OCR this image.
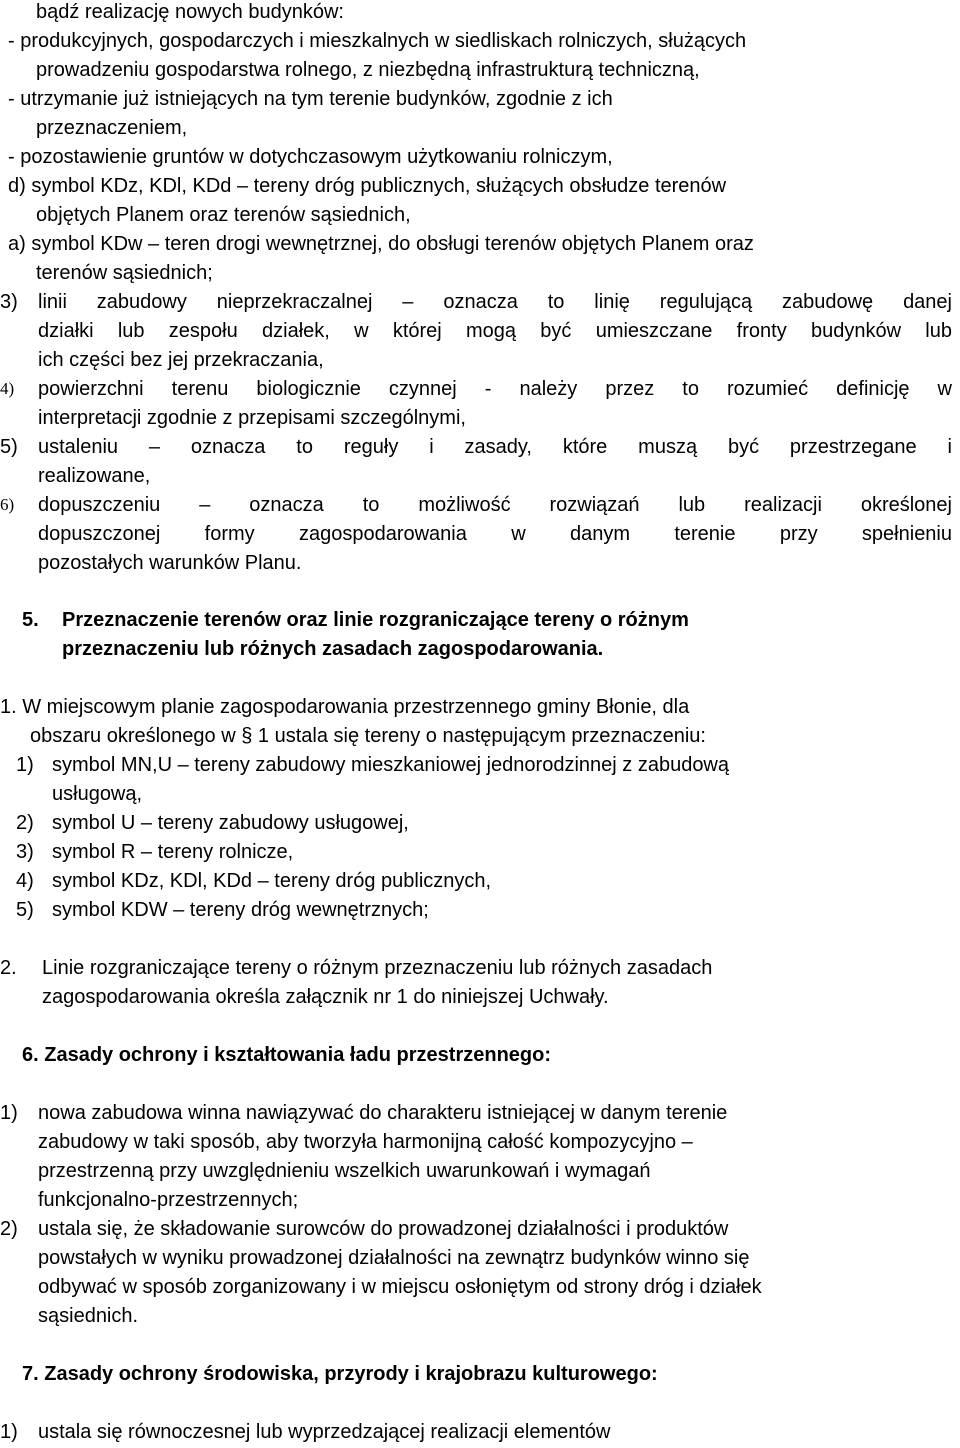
bądź realizację nowych budynków:
- produkcyjnych, gospodarczych i mieszkalnych w siedliskach rolniczych, służących
prowadzeniu gospodarstwa rolnego, z niezbędną infrastrukturą techniczną,
- utrzymanie już istniejących na tym terenie budynków, zgodnie z ich
przeznaczeniem,
- pozostawienie gruntów w dotychczasowym użytkowaniu rolniczym,
d) symbol KDz, KDl, KDd – tereny dróg publicznych, służących obsłudze terenów
objętych Planem oraz terenów sąsiednich,
a) symbol KDw – teren drogi wewnętrznej, do obsługi terenów objętych Planem oraz
terenów sąsiednich;
3) linii zabudowy nieprzekraczalnej – oznacza to linię regulującą zabudowę danej
działki lub zespołu działek, w której mogą być umieszczane fronty budynków lub
ich części bez jej przekraczania,
4) powierzchni terenu biologicznie czynnej - należy przez to rozumieć definicję w
interpretacji zgodnie z przepisami szczególnymi,
5) ustaleniu – oznacza to reguły i zasady, które muszą być przestrzegane i
realizowane,
6) dopuszczeniu – oznacza to możliwość rozwiązań lub realizacji określonej
dopuszczonej formy zagospodarowania w danym terenie przy spełnieniu
pozostałych warunków Planu.
5. Przeznaczenie terenów oraz linie rozgraniczające tereny o różnym
przeznaczeniu lub różnych zasadach zagospodarowania.
1. W miejscowym planie zagospodarowania przestrzennego gminy Błonie, dla
obszaru określonego w § 1 ustala się tereny o następującym przeznaczeniu:
1) symbol MN,U – tereny zabudowy mieszkaniowej jednorodzinnej z zabudową
usługową,
2) symbol U – tereny zabudowy usługowej,
3) symbol R – tereny rolnicze,
4) symbol KDz, KDl, KDd – tereny dróg publicznych,
5) symbol KDW – tereny dróg wewnętrznych;
2. Linie rozgraniczające tereny o różnym przeznaczeniu lub różnych zasadach
zagospodarowania określa załącznik nr 1 do niniejszej Uchwały.
6. Zasady ochrony i kształtowania ładu przestrzennego:
1) nowa zabudowa winna nawiązywać do charakteru istniejącej w danym terenie
zabudowy w taki sposób, aby tworzyła harmonijną całość kompozycyjno –
przestrzenną przy uwzględnieniu wszelkich uwarunkowań i wymagań
funkcjonalno-przestrzennych;
2) ustala się, że składowanie surowców do prowadzonej działalności i produktów
powstałych w wyniku prowadzonej działalności na zewnątrz budynków winno się
odbywać w sposób zorganizowany i w miejscu osłoniętym od strony dróg i działek
sąsiednich.
7. Zasady ochrony środowiska, przyrody i krajobrazu kulturowego:
1) ustala się równoczesnej lub wyprzedzającej realizacji elementów
